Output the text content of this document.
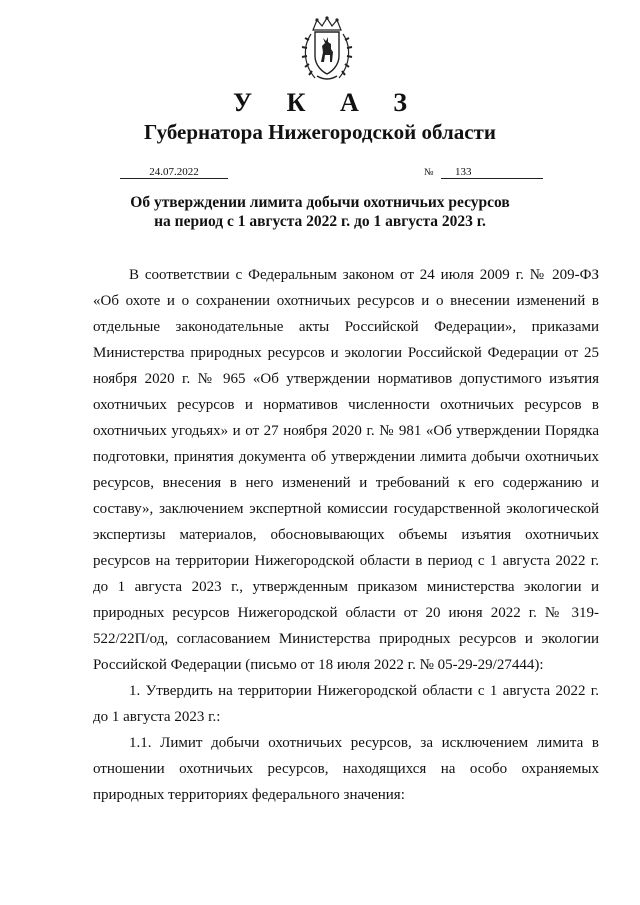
У К А З
Губернатора Нижегородской области
24.07.2022	№	133
Об утверждении лимита добычи охотничьих ресурсов
на период с 1 августа 2022 г. до 1 августа 2023 г.

В соответствии с Федеральным законом от 24 июля 2009 г. № 209-ФЗ «Об охоте и о сохранении охотничьих ресурсов и о внесении изменений в отдельные законодательные акты Российской Федерации», приказами Министерства природных ресурсов и экологии Российской Федерации от 25 ноября 2020 г. № 965 «Об утверждении нормативов допустимого изъятия охотничьих ресурсов и нормативов численности охотничьих ресурсов в охотничьих угодьях» и от 27 ноября 2020 г. № 981 «Об утверждении Порядка подготовки, принятия документа об утверждении лимита добычи охотничьих ресурсов, внесения в него изменений и требований к его содержанию и составу», заключением экспертной комиссии государственной экологической экспертизы материалов, обосновывающих объемы изъятия охотничьих ресурсов на территории Нижегородской области в период с 1 августа 2022 г. до 1 августа 2023 г., утвержденным приказом министерства экологии и природных ресурсов Нижегородской области от 20 июня 2022 г. № 319-522/22П/од, согласованием Министерства природных ресурсов и экологии Российской Федерации (письмо от 18 июля 2022 г. № 05-29-29/27444):

1. Утвердить на территории Нижегородской области с 1 августа 2022 г. до 1 августа 2023 г.:

1.1. Лимит добычи охотничьих ресурсов, за исключением лимита в отношении охотничьих ресурсов, находящихся на особо охраняемых природных территориях федерального значения:
